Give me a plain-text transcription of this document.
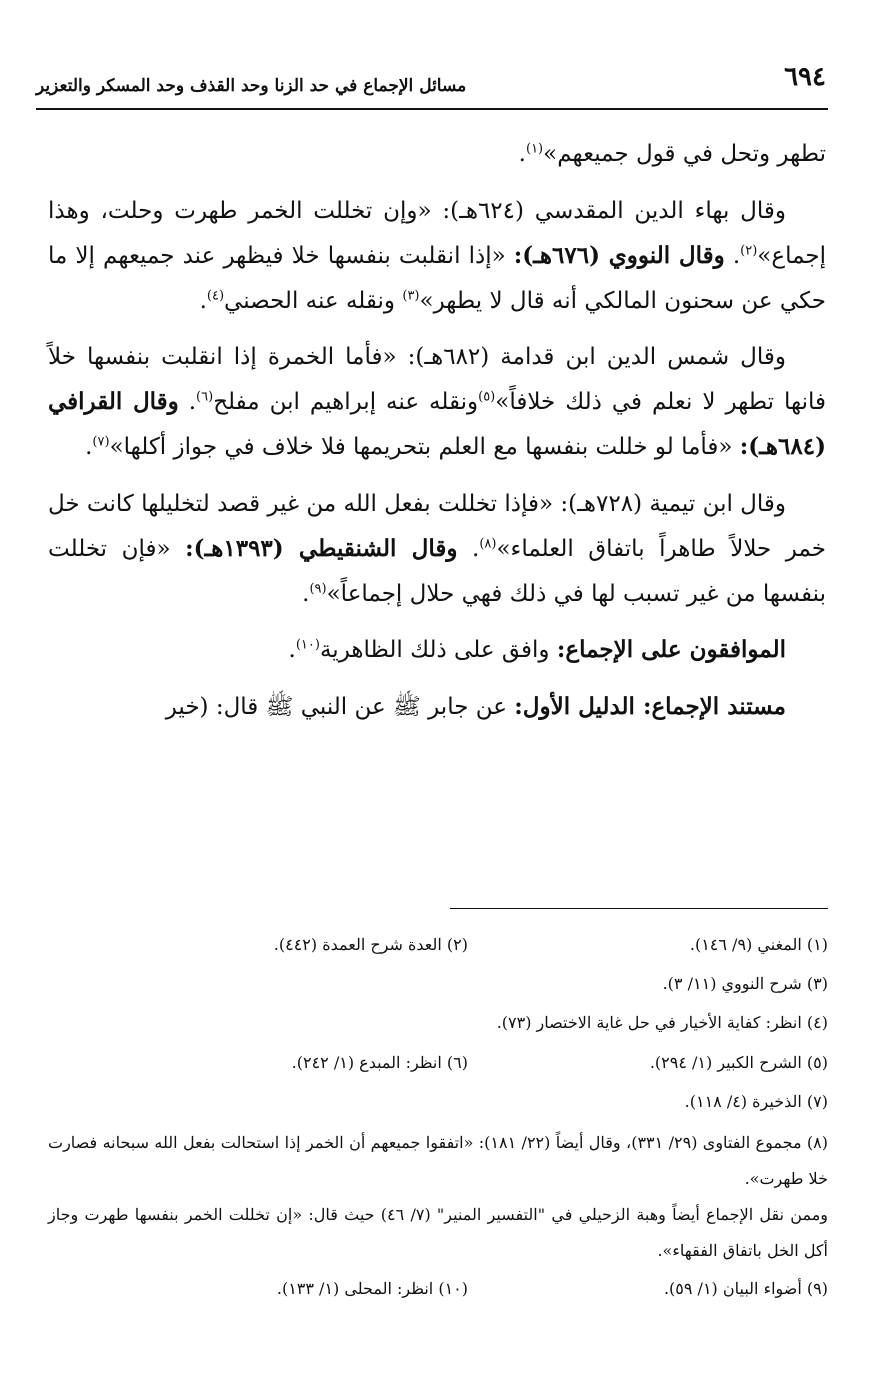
٦٩٤
مسائل الإجماع في حد الزنا وحد القذف وحد المسكر والتعزير

تطهر وتحل في قول جميعهم»$^{(١)}$.

وقال بهاء الدين المقدسي (٦٢٤هـ): «وإن تخللت الخمر طهرت وحلت، وهذا إجماع»$^{(٢)}$. وقال النووي (٦٧٦هـ): «إذا انقلبت بنفسها خلا فيظهر عند جميعهم إلا ما حكي عن سحنون المالكي أنه قال لا يطهر»$^{(٣)}$ ونقله عنه الحصني$^{(٤)}$.

وقال شمس الدين ابن قدامة (٦٨٢هـ): «فأما الخمرة إذا انقلبت بنفسها خلاً فانها تطهر لا نعلم في ذلك خلافاً»$^{(٥)}$ونقله عنه إبراهيم ابن مفلح$^{(٦)}$. وقال القرافي (٦٨٤هـ): «فأما لو خللت بنفسها مع العلم بتحريمها فلا خلاف في جواز أكلها»$^{(٧)}$.

وقال ابن تيمية (٧٢٨هـ): «فإذا تخللت بفعل الله من غير قصد لتخليلها كانت خل خمر حلالاً طاهراً باتفاق العلماء»$^{(٨)}$. وقال الشنقيطي (١٣٩٣هـ): «فإن تخللت بنفسها من غير تسبب لها في ذلك فهي حلال إجماعاً»$^{(٩)}$.

الموافقون على الإجماع: وافق على ذلك الظاهرية$^{(١٠)}$.

مستند الإجماع: الدليل الأول: عن جابر ﷺ عن النبي ﷺ قال: (خير

(١) المغني (٩/ ١٤٦).
(٢) العدة شرح العمدة (٤٤٢).
(٣) شرح النووي (١١/ ٣).
(٤) انظر: كفاية الأخيار في حل غاية الاختصار (٧٣).
(٥) الشرح الكبير (١/ ٢٩٤).
(٦) انظر: المبدع (١/ ٢٤٢).
(٧) الذخيرة (٤/ ١١٨).
(٨) مجموع الفتاوى (٢٩/ ٣٣١)، وقال أيضاً (٢٢/ ١٨١): «اتفقوا جميعهم أن الخمر إذا استحالت بفعل الله سبحانه فصارت خلا طهرت».
وممن نقل الإجماع أيضاً وهبة الزحيلي في "التفسير المنير" (٧/ ٤٦) حيث قال: «إن تخللت الخمر بنفسها طهرت وجاز أكل الخل باتفاق الفقهاء».
(٩) أضواء البيان (١/ ٥٩).
(١٠) انظر: المحلى (١/ ١٣٣).
